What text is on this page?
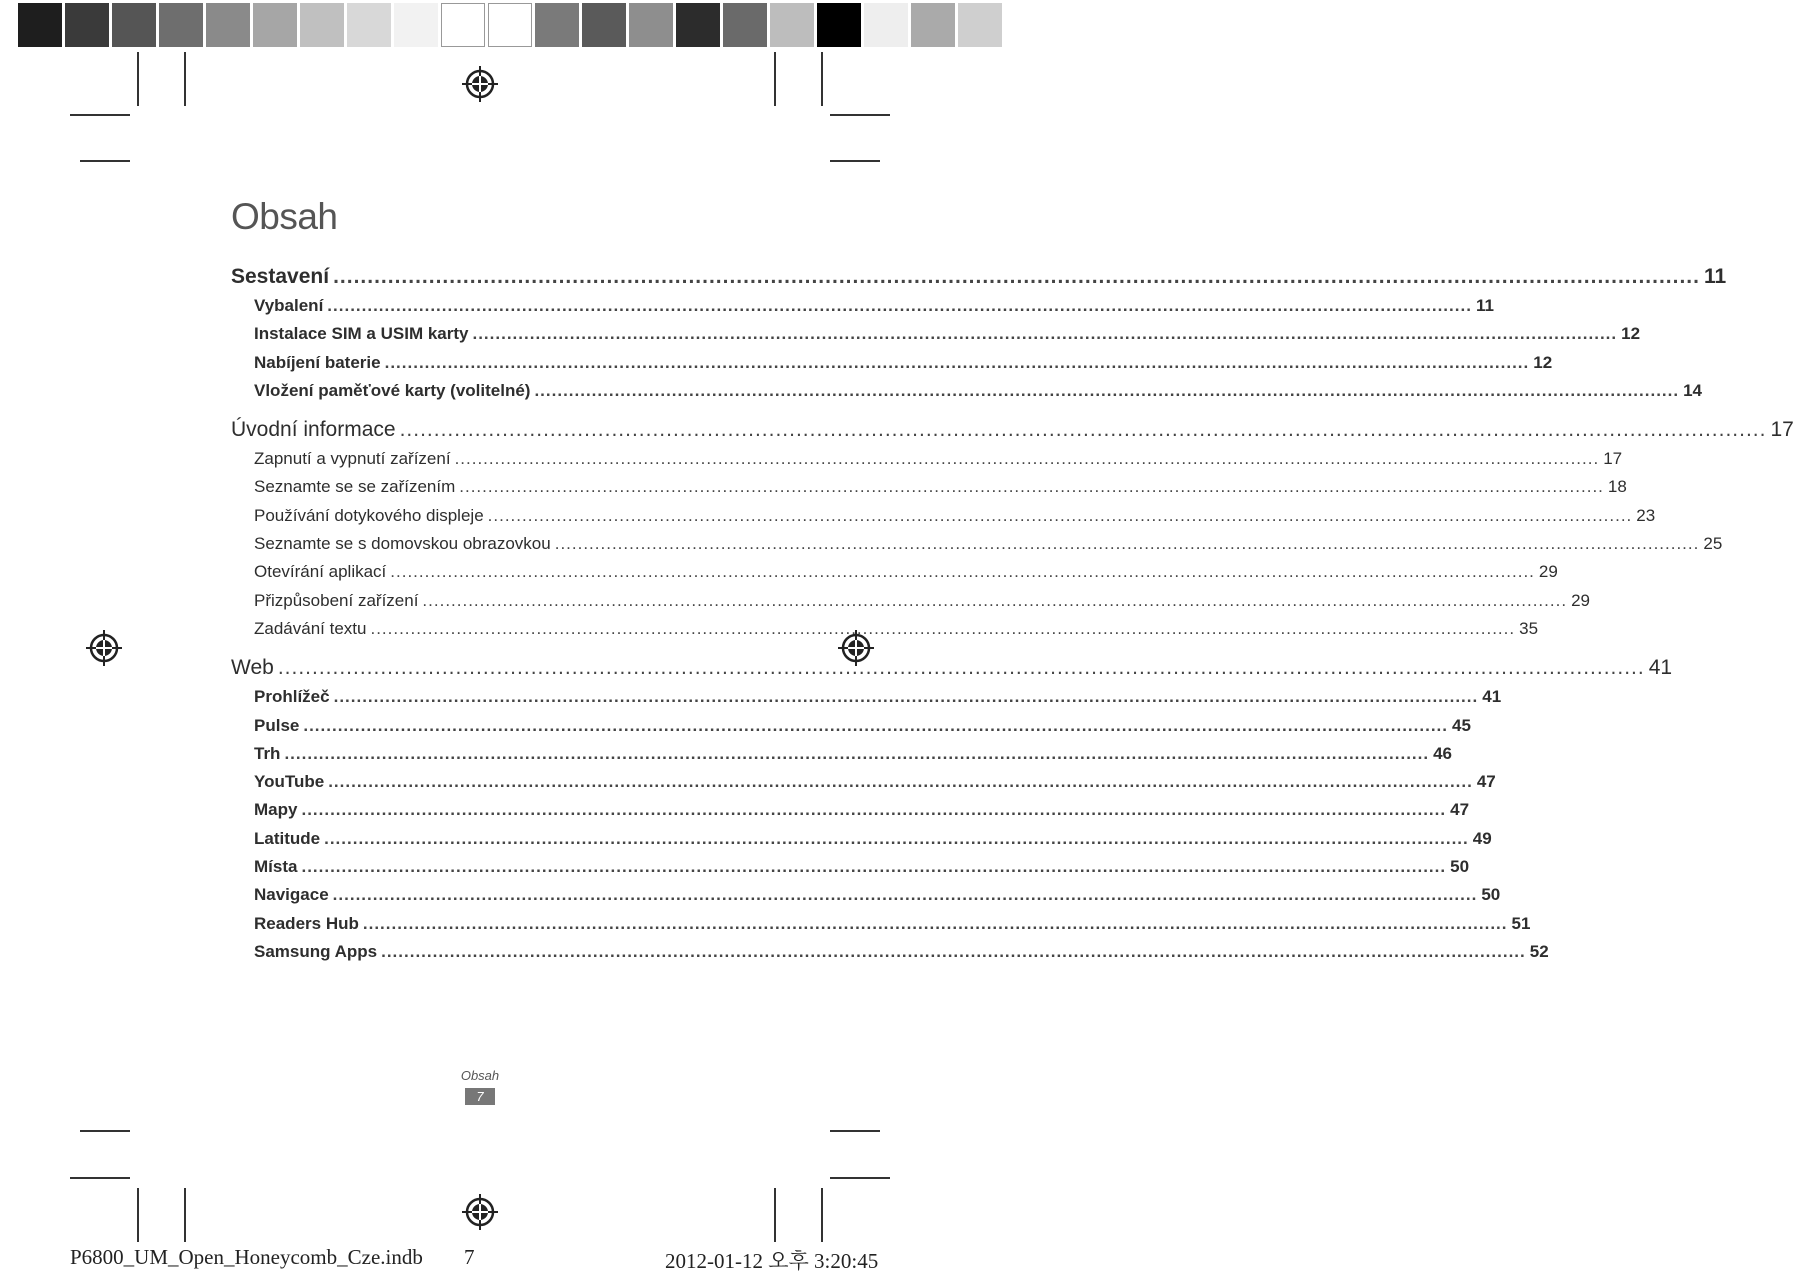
Obsah
Sestavení ........................................................................................................................................................................................................ 11
Vybalení ........................................................................................................................................................................................................ 11
Instalace SIM a USIM karty ........................................................................................................................................................................................................ 12
Nabíjení baterie ........................................................................................................................................................................................................ 12
Vložení paměťové karty (volitelné) ........................................................................................................................................................................................................ 14
Úvodní informace ........................................................................................................................................................................................................ 17
Zapnutí a vypnutí zařízení ........................................................................................................................................................................................................ 17
Seznamte se se zařízením ........................................................................................................................................................................................................ 18
Používání dotykového displeje ........................................................................................................................................................................................................ 23
Seznamte se s domovskou obrazovkou ........................................................................................................................................................................................................ 25
Otevírání aplikací ........................................................................................................................................................................................................ 29
Přizpůsobení zařízení ........................................................................................................................................................................................................ 29
Zadávání textu ........................................................................................................................................................................................................ 35
Web ........................................................................................................................................................................................................ 41
Prohlížeč ........................................................................................................................................................................................................ 41
Pulse ........................................................................................................................................................................................................ 45
Trh ........................................................................................................................................................................................................ 46
YouTube ........................................................................................................................................................................................................ 47
Mapy ........................................................................................................................................................................................................ 47
Latitude ........................................................................................................................................................................................................ 49
Místa ........................................................................................................................................................................................................ 50
Navigace ........................................................................................................................................................................................................ 50
Readers Hub ........................................................................................................................................................................................................ 51
Samsung Apps ........................................................................................................................................................................................................ 52
Obsah
7
P6800_UM_Open_Honeycomb_Cze.indb 7	2012-01-12 오후 3:20:45
